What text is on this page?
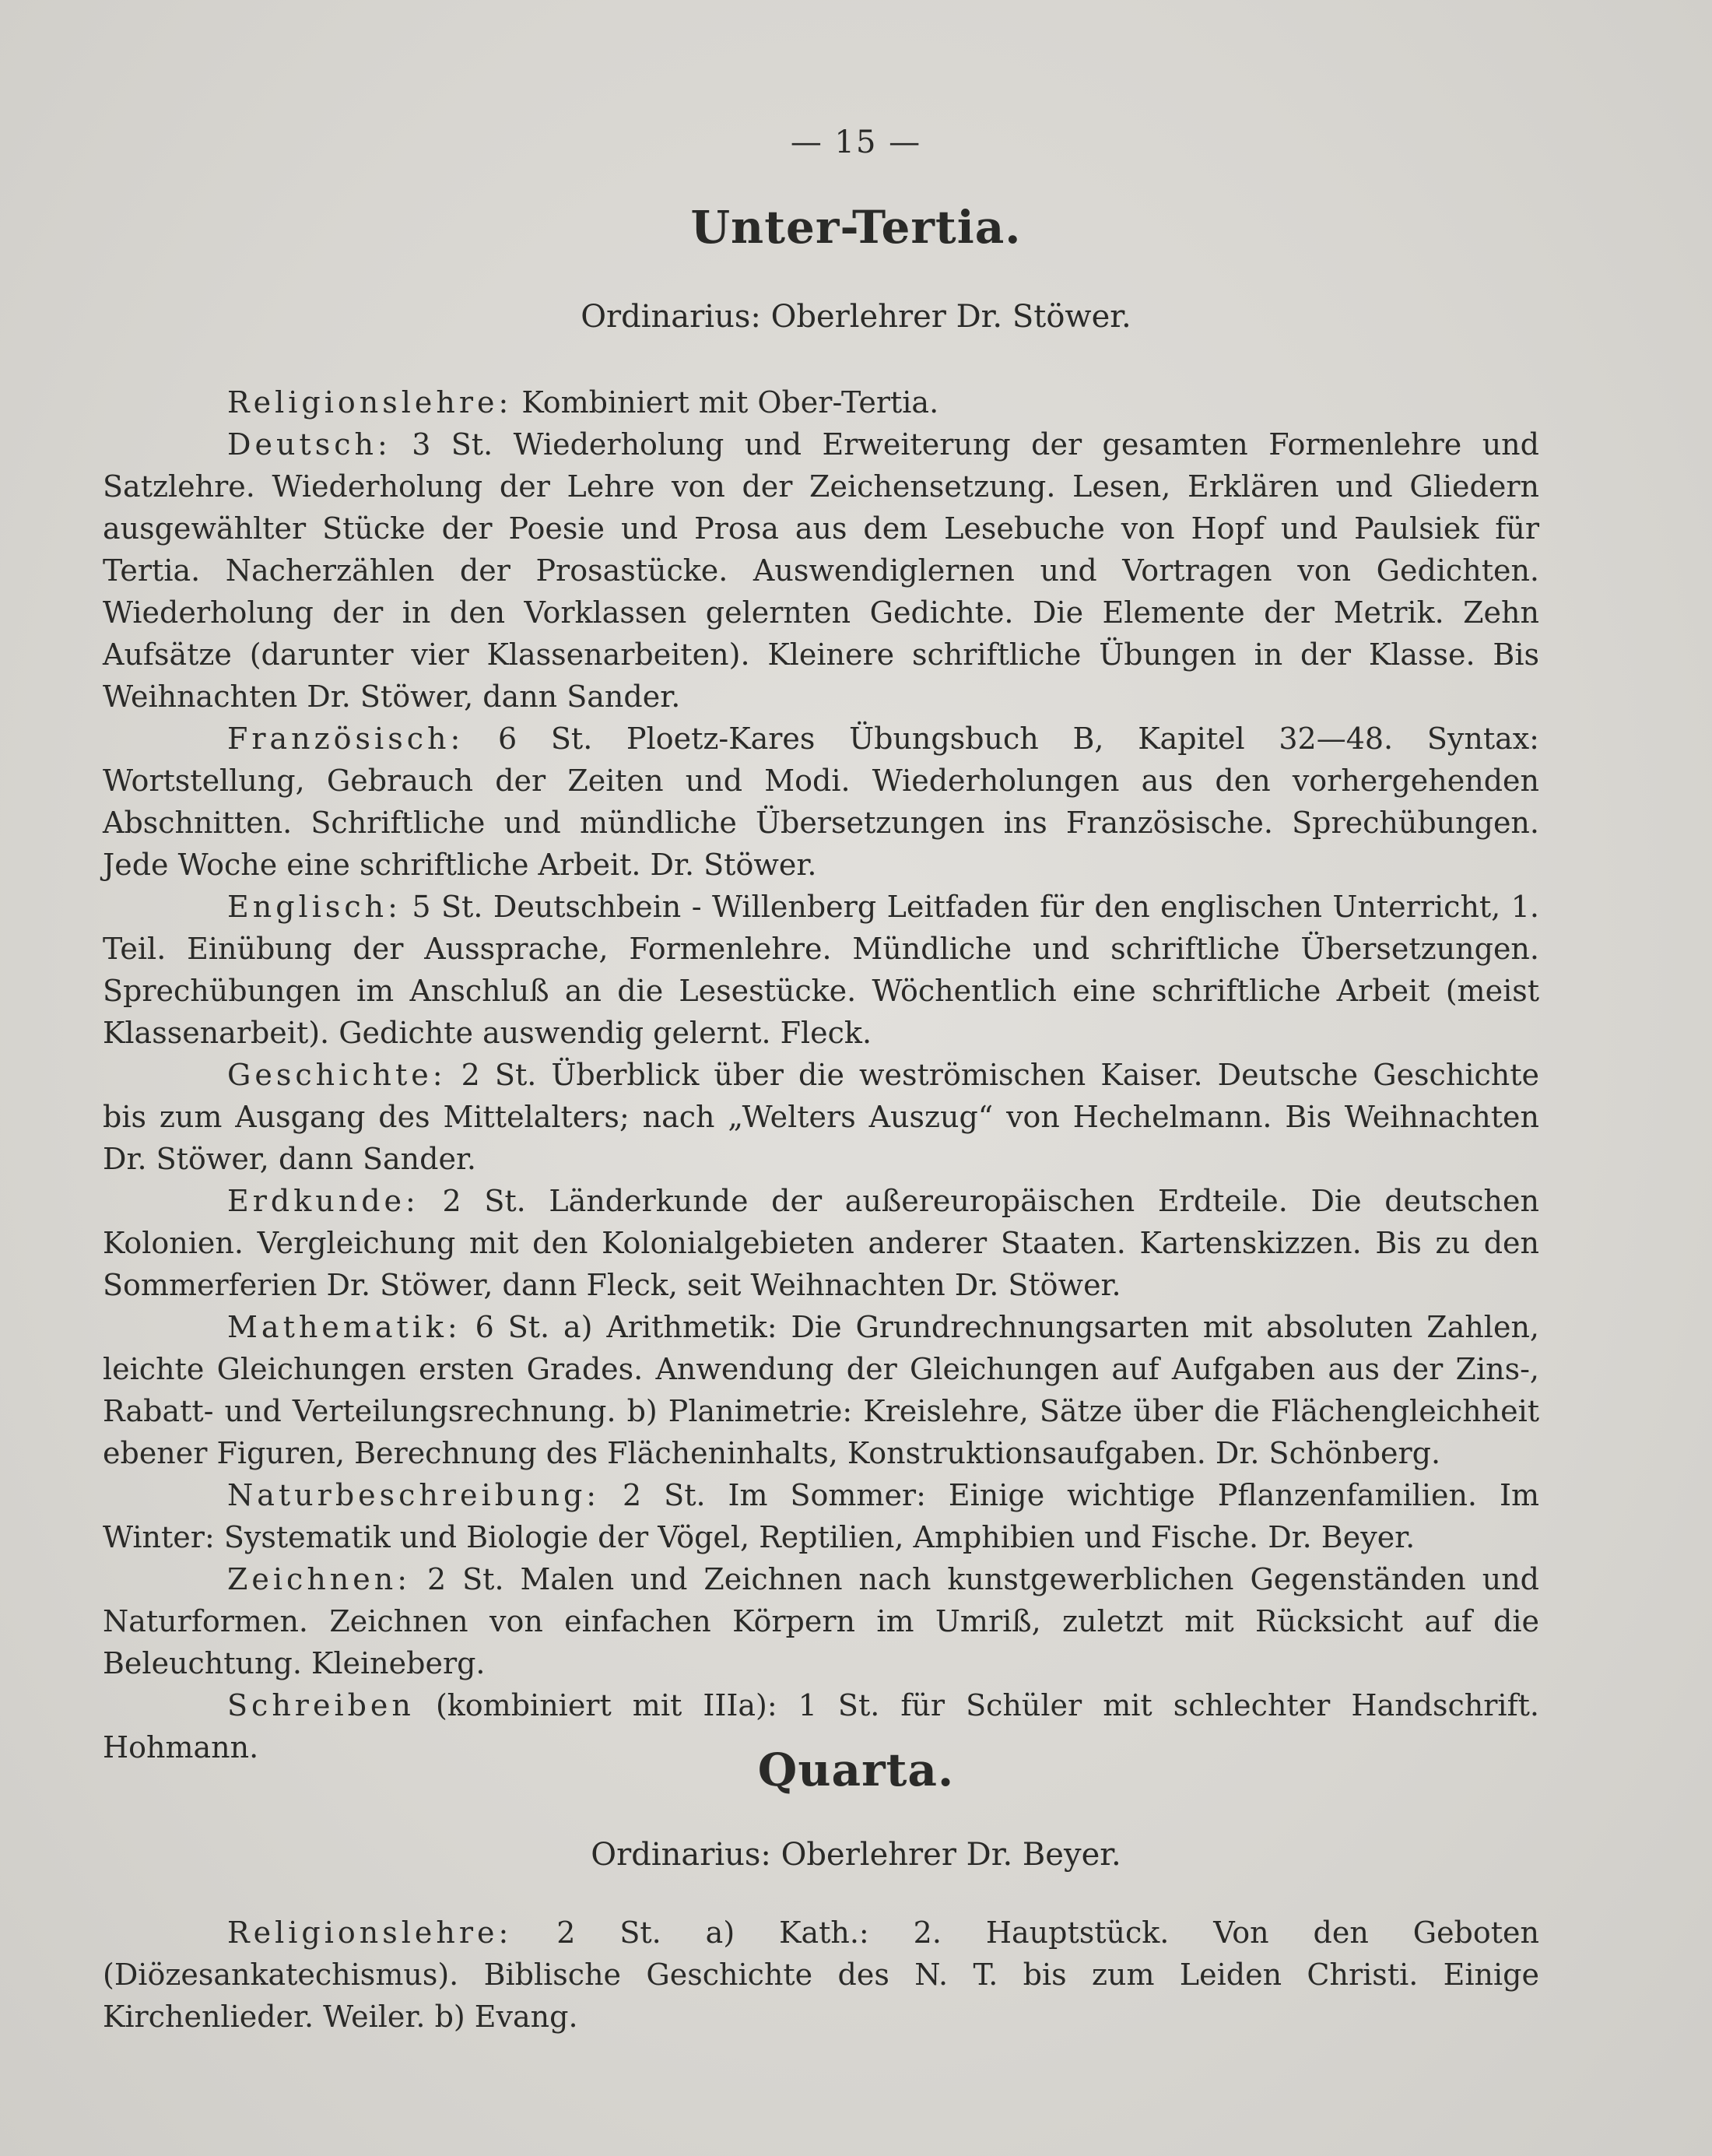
— 15 —
Unter-Tertia.
Ordinarius: Oberlehrer Dr. Stöwer.

Religionslehre: Kombiniert mit Ober-Tertia.

Deutsch: 3 St. Wiederholung und Erweiterung der gesamten Formenlehre und Satzlehre. Wiederholung der Lehre von der Zeichensetzung. Lesen, Erklären und Gliedern ausgewählter Stücke der Poesie und Prosa aus dem Lesebuche von Hopf und Paulsiek für Tertia. Nacherzählen der Prosastücke. Auswendiglernen und Vortragen von Gedichten. Wiederholung der in den Vorklassen gelernten Gedichte. Die Elemente der Metrik. Zehn Aufsätze (darunter vier Klassenarbeiten). Kleinere schriftliche Übungen in der Klasse. Bis Weihnachten Dr. Stöwer, dann Sander.

Französisch: 6 St. Ploetz-Kares Übungsbuch B, Kapitel 32—48. Syntax: Wortstellung, Gebrauch der Zeiten und Modi. Wiederholungen aus den vorhergehenden Abschnitten. Schriftliche und mündliche Übersetzungen ins Französische. Sprechübungen. Jede Woche eine schriftliche Arbeit. Dr. Stöwer.

Englisch: 5 St. Deutschbein - Willenberg Leitfaden für den englischen Unterricht, 1. Teil. Einübung der Aussprache, Formenlehre. Mündliche und schriftliche Übersetzungen. Sprechübungen im Anschluß an die Lesestücke. Wöchentlich eine schriftliche Arbeit (meist Klassenarbeit). Gedichte auswendig gelernt. Fleck.

Geschichte: 2 St. Überblick über die weströmischen Kaiser. Deutsche Geschichte bis zum Ausgang des Mittelalters; nach „Welters Auszug“ von Hechelmann. Bis Weihnachten Dr. Stöwer, dann Sander.

Erdkunde: 2 St. Länderkunde der außereuropäischen Erdteile. Die deutschen Kolonien. Vergleichung mit den Kolonialgebieten anderer Staaten. Kartenskizzen. Bis zu den Sommerferien Dr. Stöwer, dann Fleck, seit Weihnachten Dr. Stöwer.

Mathematik: 6 St. a) Arithmetik: Die Grundrechnungsarten mit absoluten Zahlen, leichte Gleichungen ersten Grades. Anwendung der Gleichungen auf Aufgaben aus der Zins-, Rabatt- und Verteilungsrechnung. b) Planimetrie: Kreislehre, Sätze über die Flächengleichheit ebener Figuren, Berechnung des Flächeninhalts, Konstruktionsaufgaben. Dr. Schönberg.

Naturbeschreibung: 2 St. Im Sommer: Einige wichtige Pflanzenfamilien. Im Winter: Systematik und Biologie der Vögel, Reptilien, Amphibien und Fische. Dr. Beyer.

Zeichnen: 2 St. Malen und Zeichnen nach kunstgewerblichen Gegenständen und Naturformen. Zeichnen von einfachen Körpern im Umriß, zuletzt mit Rücksicht auf die Beleuchtung. Kleineberg.

Schreiben (kombiniert mit IIIa): 1 St. für Schüler mit schlechter Handschrift. Hohmann.	Quarta.
Ordinarius: Oberlehrer Dr. Beyer.

Religionslehre: 2 St. a) Kath.: 2. Hauptstück. Von den Geboten (Diözesankatechismus). Biblische Geschichte des N. T. bis zum Leiden Christi. Einige Kirchenlieder. Weiler. b) Evang.
